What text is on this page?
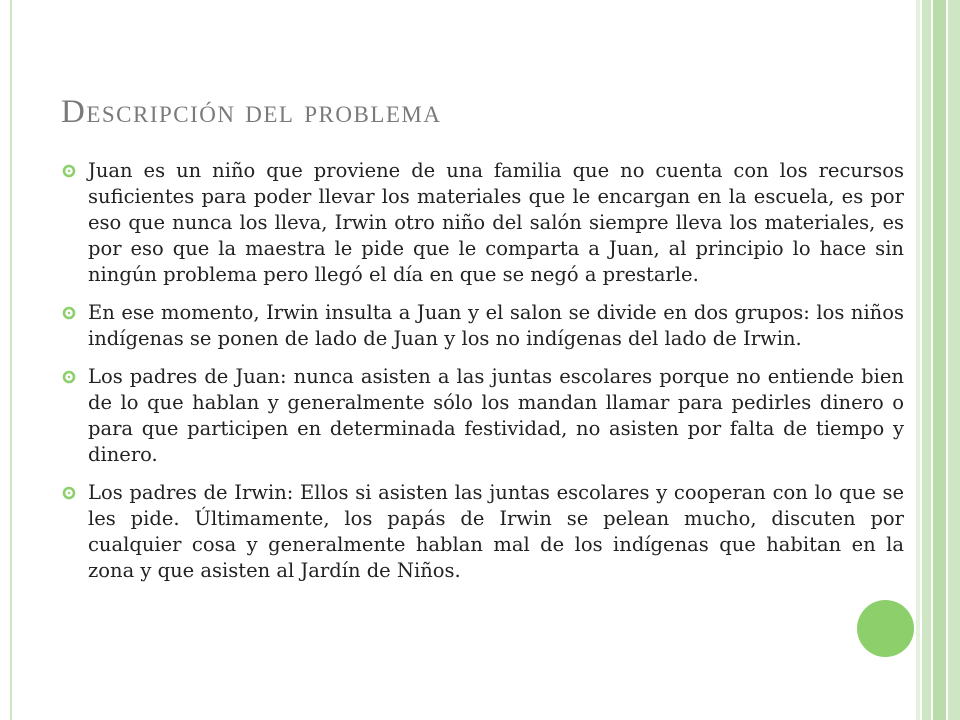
Descripción del problema
Juan es un niño que proviene de una familia que no cuenta con los recursos suficientes para poder llevar los materiales que le encargan en la escuela, es por eso que nunca los lleva, Irwin otro niño del salón siempre lleva los materiales, es por eso que la maestra le pide que le comparta a Juan, al principio lo hace sin ningún problema pero llegó el día en que se negó a prestarle.
En ese momento, Irwin insulta a Juan y el salon se divide en dos grupos: los niños indígenas se ponen de lado de Juan y los no indígenas del lado de Irwin.
Los padres de Juan: nunca asisten a las juntas escolares porque no entiende bien de lo que hablan y generalmente sólo los mandan llamar para pedirles dinero o para que participen en determinada festividad, no asisten por falta de tiempo y dinero.
Los padres de Irwin: Ellos si asisten las juntas escolares y cooperan con lo que se les pide. Últimamente, los papás de Irwin se pelean mucho, discuten por cualquier cosa y generalmente hablan mal de los indígenas que habitan en la zona y que asisten al Jardín de Niños.
